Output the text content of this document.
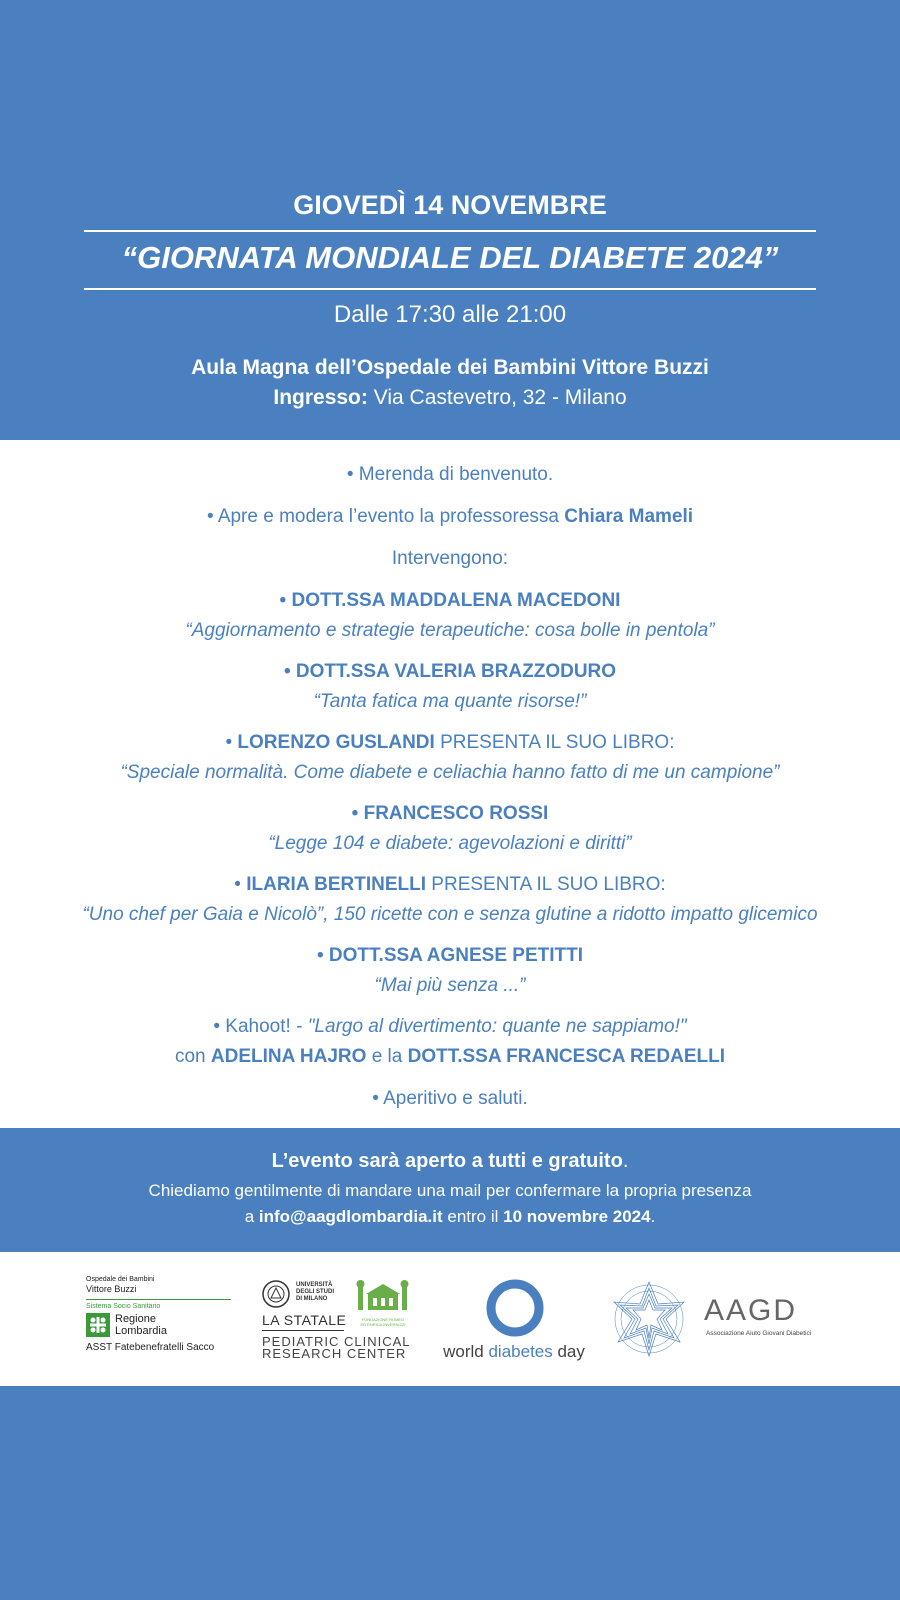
GIOVEDÌ 14 NOVEMBRE
“GIORNATA MONDIALE DEL DIABETE 2024”
Dalle 17:30 alle 21:00
Aula Magna dell’Ospedale dei Bambini Vittore Buzzi
Ingresso: Via Castevetro, 32 - Milano
• Merenda di benvenuto.
• Apre e modera l’evento la professoressa Chiara Mameli
Intervengono:
• DOTT.SSA MADDALENA MACEDONI
“Aggiornamento e strategie terapeutiche: cosa bolle in pentola”
• DOTT.SSA VALERIA BRAZZODURO
“Tanta fatica ma quante risorse!”
• LORENZO GUSLANDI PRESENTA IL SUO LIBRO:
“Speciale normalità. Come diabete e celiachia hanno fatto di me un campione”
• FRANCESCO ROSSI
“Legge 104 e diabete: agevolazioni e diritti”
• ILARIA BERTINELLI PRESENTA IL SUO LIBRO:
“Uno chef per Gaia e Nicolò”, 150 ricette con e senza glutine a ridotto impatto glicemico
• DOTT.SSA AGNESE PETITTI
“Mai più senza ...”
• Kahoot! - "Largo al divertimento: quante ne sappiamo!"
con ADELINA HAJRO e la DOTT.SSA FRANCESCA REDAELLI
• Aperitivo e saluti.
L’evento sarà aperto a tutti e gratuito.
Chiediamo gentilmente di mandare una mail per confermare la propria presenza
a info@aagdlombardia.it entro il 10 novembre 2024.
Ospedale dei Bambini
Vittore Buzzi
Sistema Socio Sanitario
Regione
Lombardia
ASST Fatebenefratelli Sacco
UNIVERSITÀ
DEGLI STUDI
DI MILANO
LA STATALE	FONDAZIONE ROMEO
ED ENRICA INVERNIZZI
PEDIATRIC CLINICAL
RESEARCH CENTER	world diabetes day
AAGD
Associazione Aiuto Giovani Diabetici
